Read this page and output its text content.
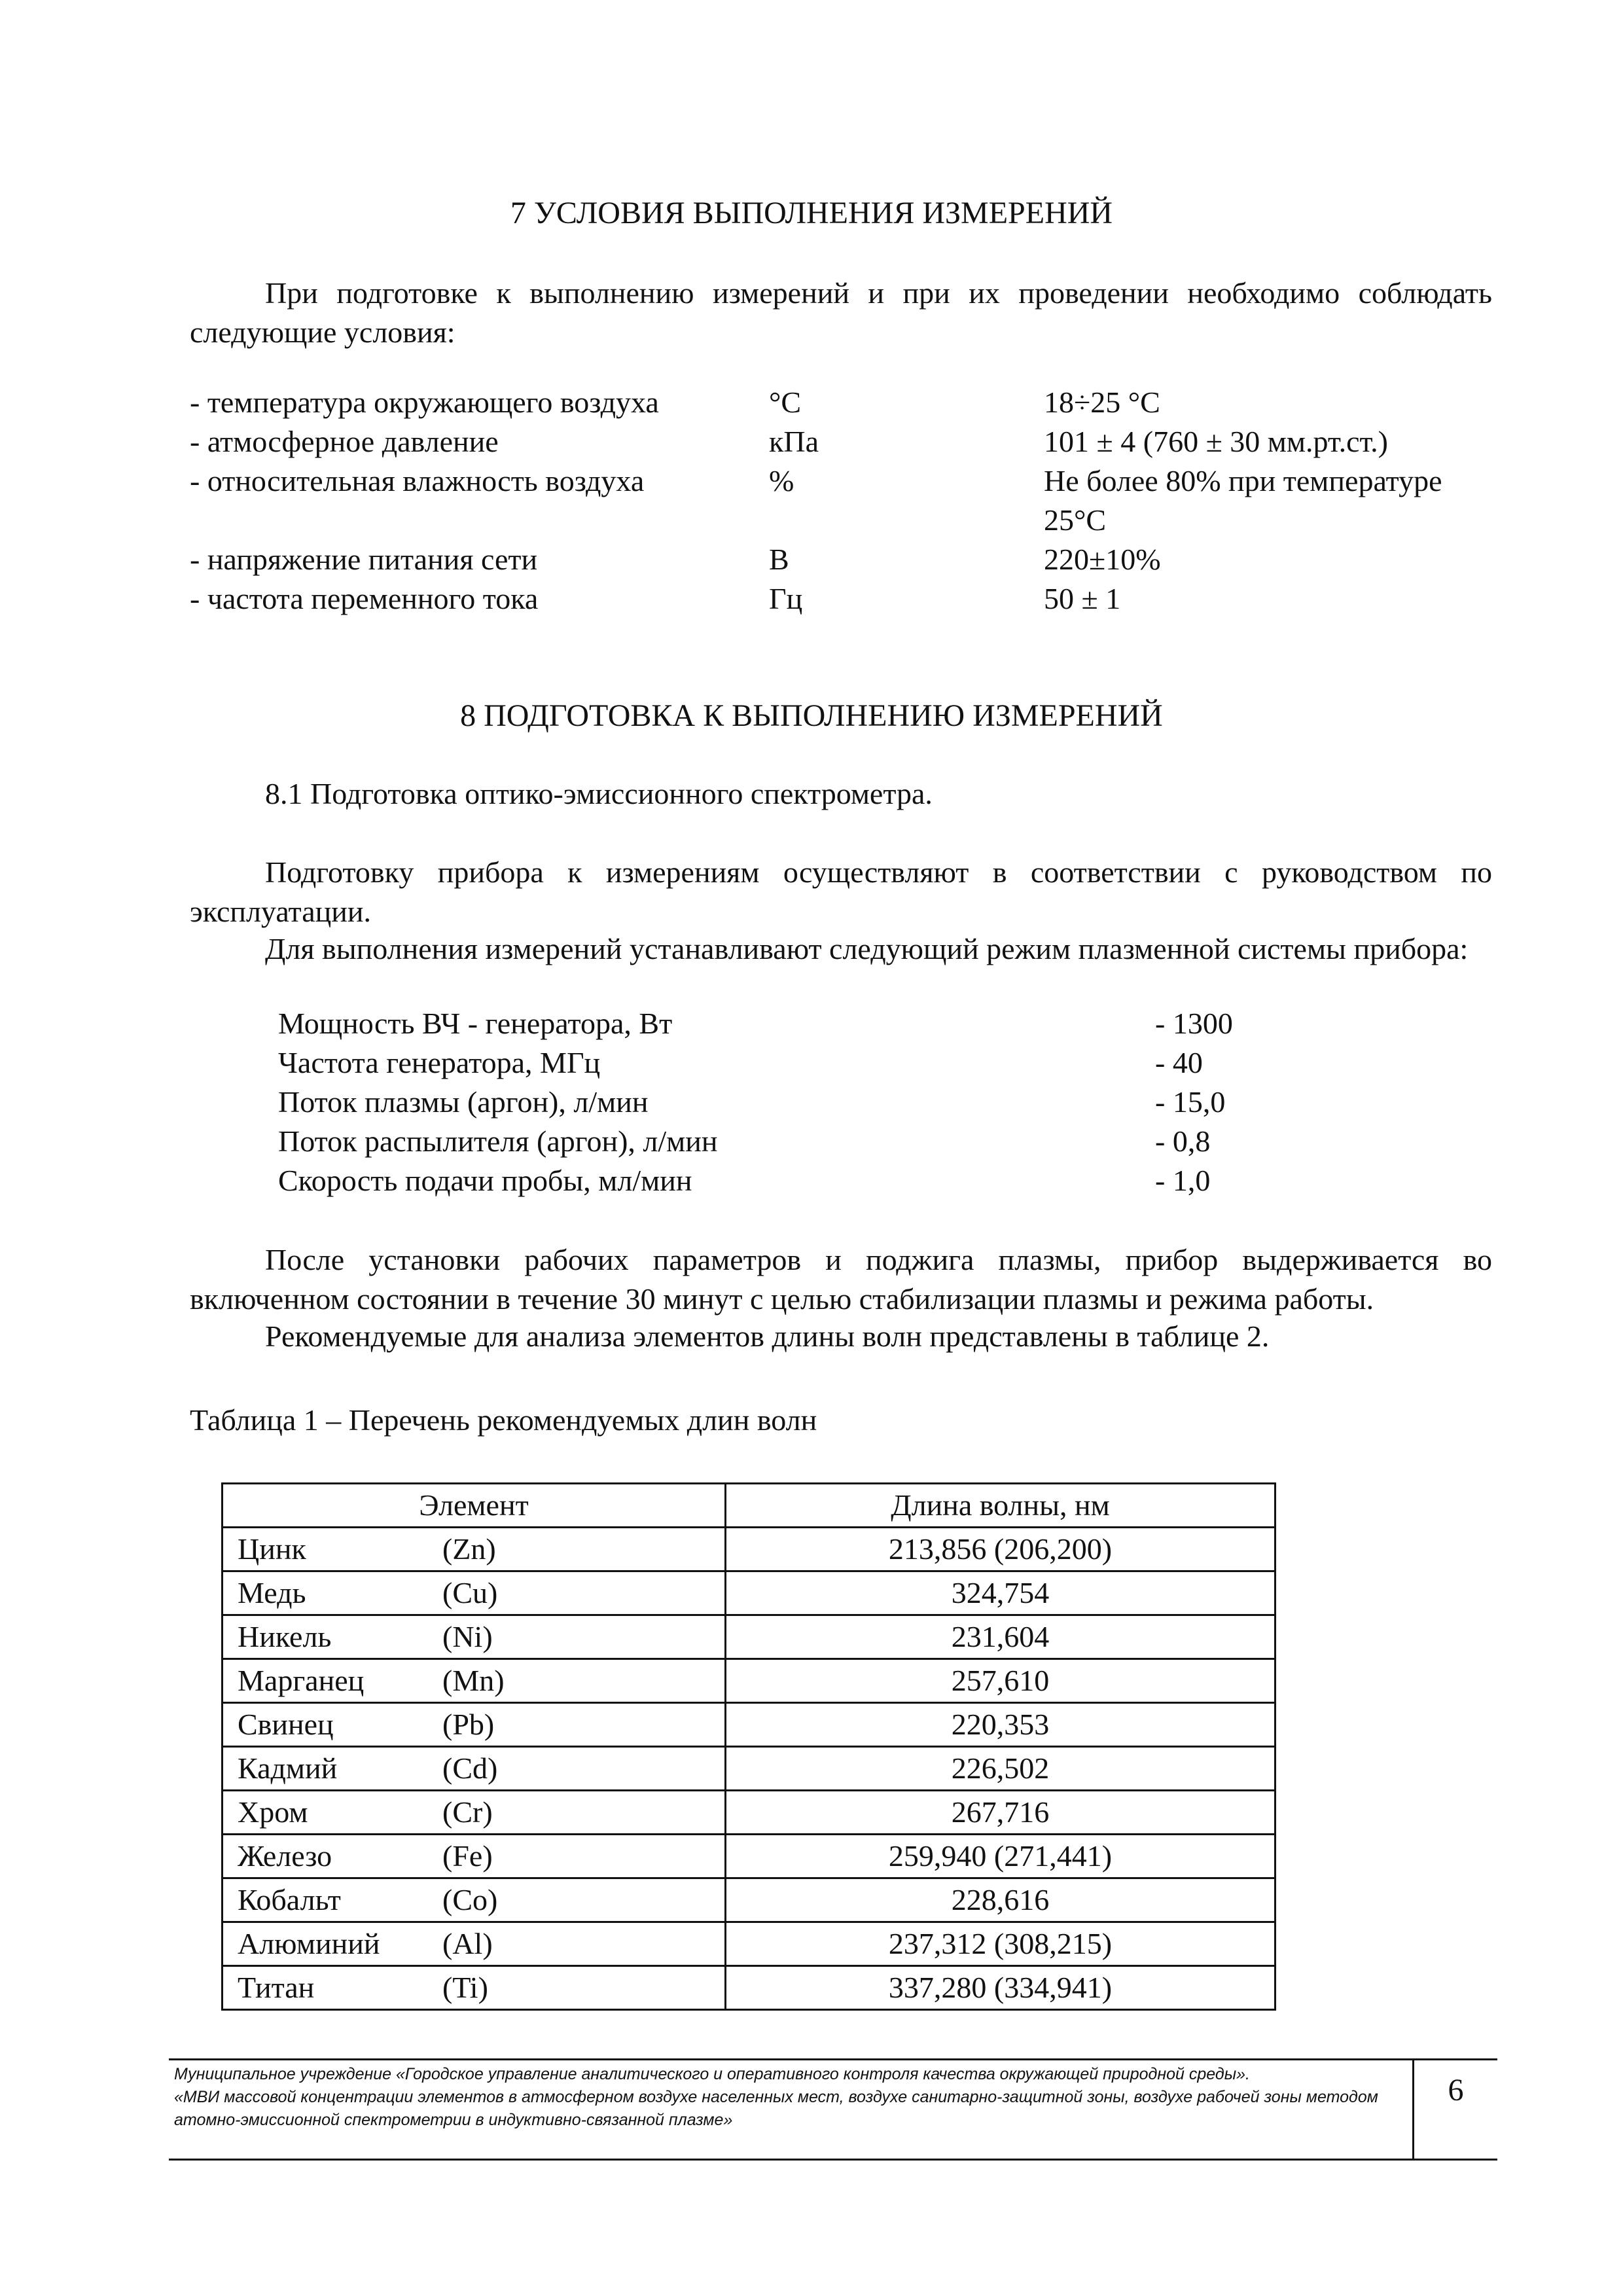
7 УСЛОВИЯ ВЫПОЛНЕНИЯ ИЗМЕРЕНИЙ
При подготовке к выполнению измерений и при их проведении необходимо соблюдать следующие условия:
- температура окружающего воздуха	°С	18÷25 °С
- атмосферное давление	кПа	101 ± 4 (760 ± 30 мм.рт.ст.)
- относительная влажность воздуха	%	Не более 80% при температуре
25°С
- напряжение питания сети	В	220±10%
- частота переменного тока	Гц	50 ± 1
8 ПОДГОТОВКА К ВЫПОЛНЕНИЮ ИЗМЕРЕНИЙ
8.1 Подготовка оптико-эмиссионного спектрометра.
Подготовку прибора к измерениям осуществляют в соответствии с руководством по эксплуатации.
Для выполнения измерений устанавливают следующий режим плазменной системы прибора:
Мощность ВЧ - генератора, Вт	- 1300
Частота генератора, МГц	- 40
Поток плазмы (аргон), л/мин	- 15,0
Поток распылителя (аргон), л/мин	- 0,8
Скорость подачи пробы, мл/мин	- 1,0
После установки рабочих параметров и поджига плазмы, прибор выдерживается во включенном состоянии в течение 30 минут с целью стабилизации плазмы и режима работы.
Рекомендуемые для анализа элементов длины волн представлены в таблице 2.
Таблица 1 – Перечень рекомендуемых длин волн
Элемент	Длина волны, нм

Цинк (Zn)	213,856 (206,200)

Медь (Cu)	324,754

Никель (Ni)	231,604

Марганец (Mn)	257,610

Свинец (Pb)	220,353

Кадмий (Cd)	226,502

Хром (Cr)	267,716

Железо (Fe)	259,940 (271,441)

Кобальт (Co)	228,616

Алюминий (Al)	237,312 (308,215)

Титан (Ti)	337,280 (334,941)
Муниципальное учреждение «Городское управление аналитического и оперативного контроля качества окружающей природной среды».
«МВИ массовой концентрации элементов в атмосферном воздухе населенных мест, воздухе санитарно-защитной зоны, воздухе рабочей зоны методом атомно-эмиссионной спектрометрии в индуктивно-связанной плазме»
6
